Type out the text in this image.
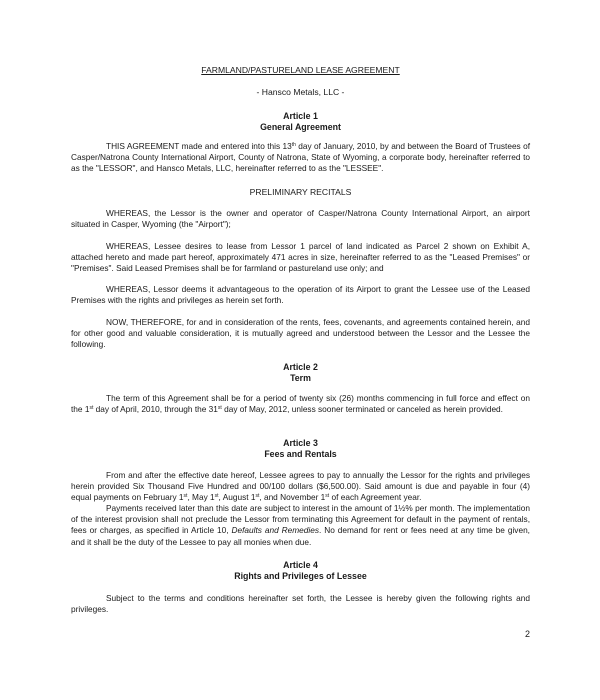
FARMLAND/PASTURELAND LEASE AGREEMENT
- Hansco Metals, LLC -
Article 1
General Agreement

THIS AGREEMENT made and entered into this 13th day of January, 2010, by and between the Board of Trustees of Casper/Natrona County International Airport, County of Natrona, State of Wyoming, a corporate body, hereinafter referred to as the "LESSOR", and Hansco Metals, LLC, hereinafter referred to as the "LESSEE".

PRELIMINARY RECITALS

WHEREAS, the Lessor is the owner and operator of Casper/Natrona County International Airport, an airport situated in Casper, Wyoming (the "Airport");

WHEREAS, Lessee desires to lease from Lessor 1 parcel of land indicated as Parcel 2 shown on Exhibit A, attached hereto and made part hereof, approximately 471 acres in size, hereinafter referred to as the "Leased Premises" or "Premises". Said Leased Premises shall be for farmland or pastureland use only; and

WHEREAS, Lessor deems it advantageous to the operation of its Airport to grant the Lessee use of the Leased Premises with the rights and privileges as herein set forth.

NOW, THEREFORE, for and in consideration of the rents, fees, covenants, and agreements contained herein, and for other good and valuable consideration, it is mutually agreed and understood between the Lessor and the Lessee the following.

Article 2
Term

The term of this Agreement shall be for a period of twenty six (26) months commencing in full force and effect on the 1st day of April, 2010, through the 31st day of May, 2012, unless sooner terminated or canceled as herein provided.

Article 3
Fees and Rentals

From and after the effective date hereof, Lessee agrees to pay to annually the Lessor for the rights and privileges herein provided Six Thousand Five Hundred and 00/100 dollars ($6,500.00). Said amount is due and payable in four (4) equal payments on February 1st, May 1st, August 1st, and November 1st of each Agreement year.

Payments received later than this date are subject to interest in the amount of 1½% per month. The implementation of the interest provision shall not preclude the Lessor from terminating this Agreement for default in the payment of rentals, fees or charges, as specified in Article 10, Defaults and Remedies. No demand for rent or fees need at any time be given, and it shall be the duty of the Lessee to pay all monies when due.

Article 4
Rights and Privileges of Lessee

Subject to the terms and conditions hereinafter set forth, the Lessee is hereby given the following rights and privileges.

2
